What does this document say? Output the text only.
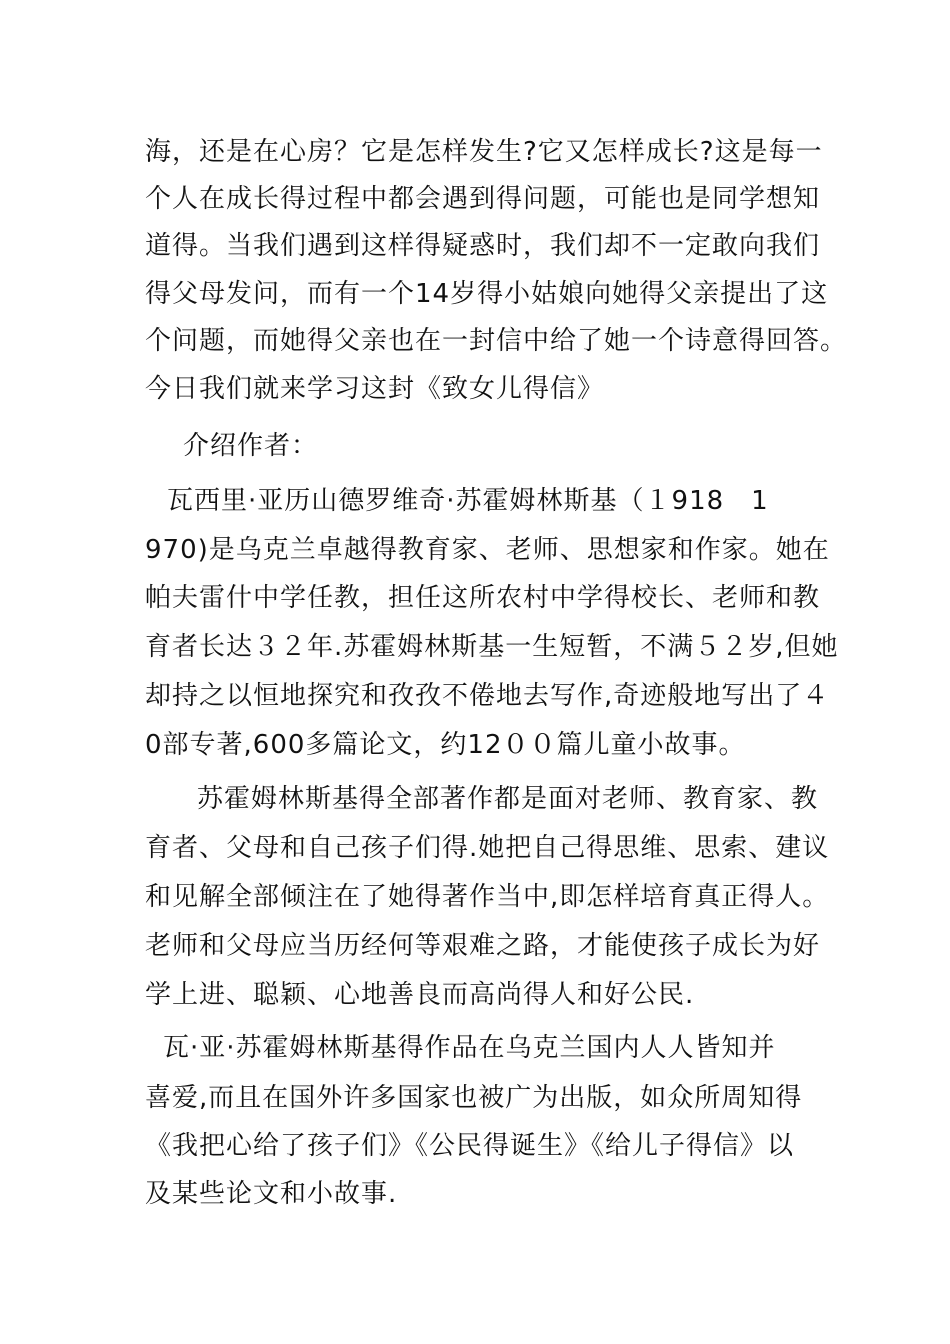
海，还是在心房？它是怎样发生?它又怎样成长?这是每一
个人在成长得过程中都会遇到得问题，可能也是同学想知
道得。当我们遇到这样得疑惑时，我们却不一定敢向我们
得父母发问，而有一个14岁得小姑娘向她得父亲提出了这
个问题，而她得父亲也在一封信中给了她一个诗意得回答。
今日我们就来学习这封《致女儿得信》
介绍作者：
瓦西里·亚历山德罗维奇·苏霍姆林斯基（１918　1
970)是乌克兰卓越得教育家、老师、思想家和作家。她在
帕夫雷什中学任教，担任这所农村中学得校长、老师和教
育者长达３２年.苏霍姆林斯基一生短暂，不满５２岁,但她
却持之以恒地探究和孜孜不倦地去写作,奇迹般地写出了４
0部专著,600多篇论文，约12００篇儿童小故事。
苏霍姆林斯基得全部著作都是面对老师、教育家、教
育者、父母和自己孩子们得.她把自己得思维、思索、建议
和见解全部倾注在了她得著作当中,即怎样培育真正得人。
老师和父母应当历经何等艰难之路，才能使孩子成长为好
学上进、聪颖、心地善良而高尚得人和好公民.
瓦·亚·苏霍姆林斯基得作品在乌克兰国内人人皆知并
喜爱,而且在国外许多国家也被广为出版，如众所周知得
《我把心给了孩子们》《公民得诞生》《给儿子得信》以
及某些论文和小故事.
